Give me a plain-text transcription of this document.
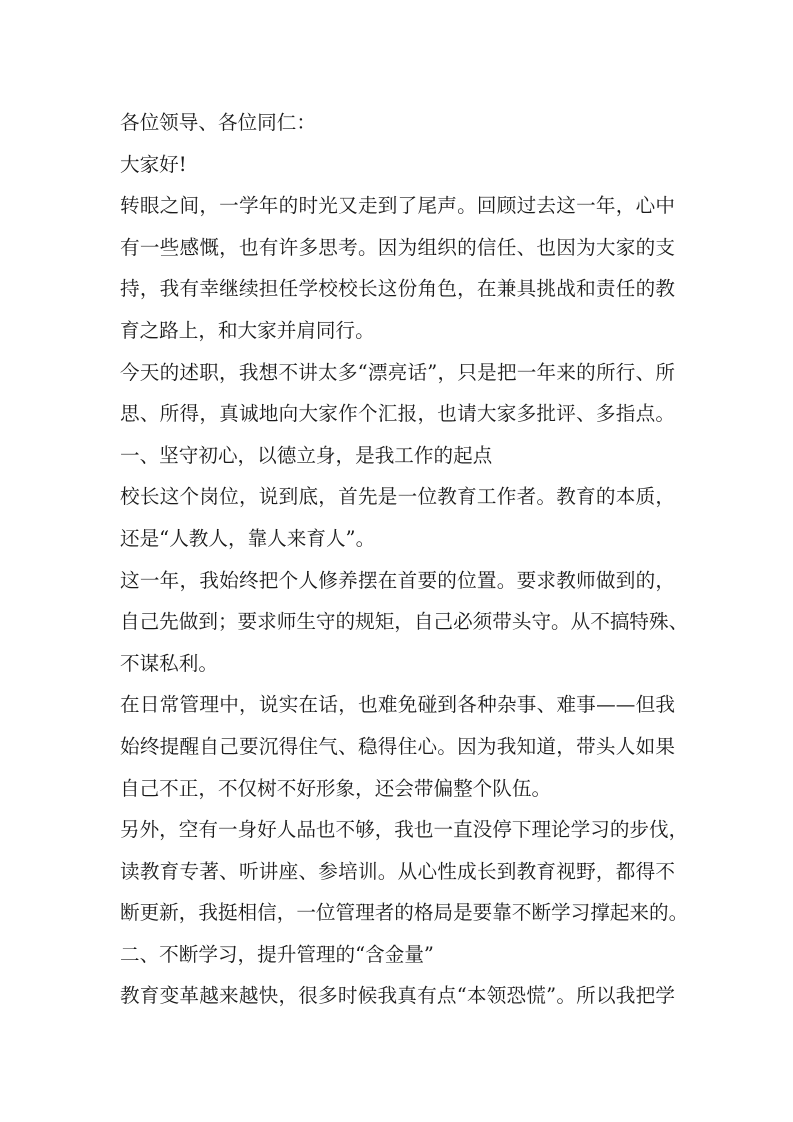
各位领导、各位同仁：
大家好!
转眼之间，一学年的时光又走到了尾声。回顾过去这一年，心中
有一些感慨，也有许多思考。因为组织的信任、也因为大家的支
持，我有幸继续担任学校校长这份角色，在兼具挑战和责任的教
育之路上，和大家并肩同行。
今天的述职，我想不讲太多“漂亮话”，只是把一年来的所行、所
思、所得，真诚地向大家作个汇报，也请大家多批评、多指点。
一、坚守初心，以德立身，是我工作的起点
校长这个岗位，说到底，首先是一位教育工作者。教育的本质，
还是“人教人，靠人来育人”。
这一年，我始终把个人修养摆在首要的位置。要求教师做到的，
自己先做到；要求师生守的规矩，自己必须带头守。从不搞特殊、
不谋私利。
在日常管理中，说实在话，也难免碰到各种杂事、难事——但我
始终提醒自己要沉得住气、稳得住心。因为我知道，带头人如果
自己不正，不仅树不好形象，还会带偏整个队伍。
另外，空有一身好人品也不够，我也一直没停下理论学习的步伐，
读教育专著、听讲座、参培训。从心性成长到教育视野，都得不
断更新，我挺相信，一位管理者的格局是要靠不断学习撑起来的。
二、不断学习，提升管理的“含金量”
教育变革越来越快，很多时候我真有点“本领恐慌”。所以我把学
